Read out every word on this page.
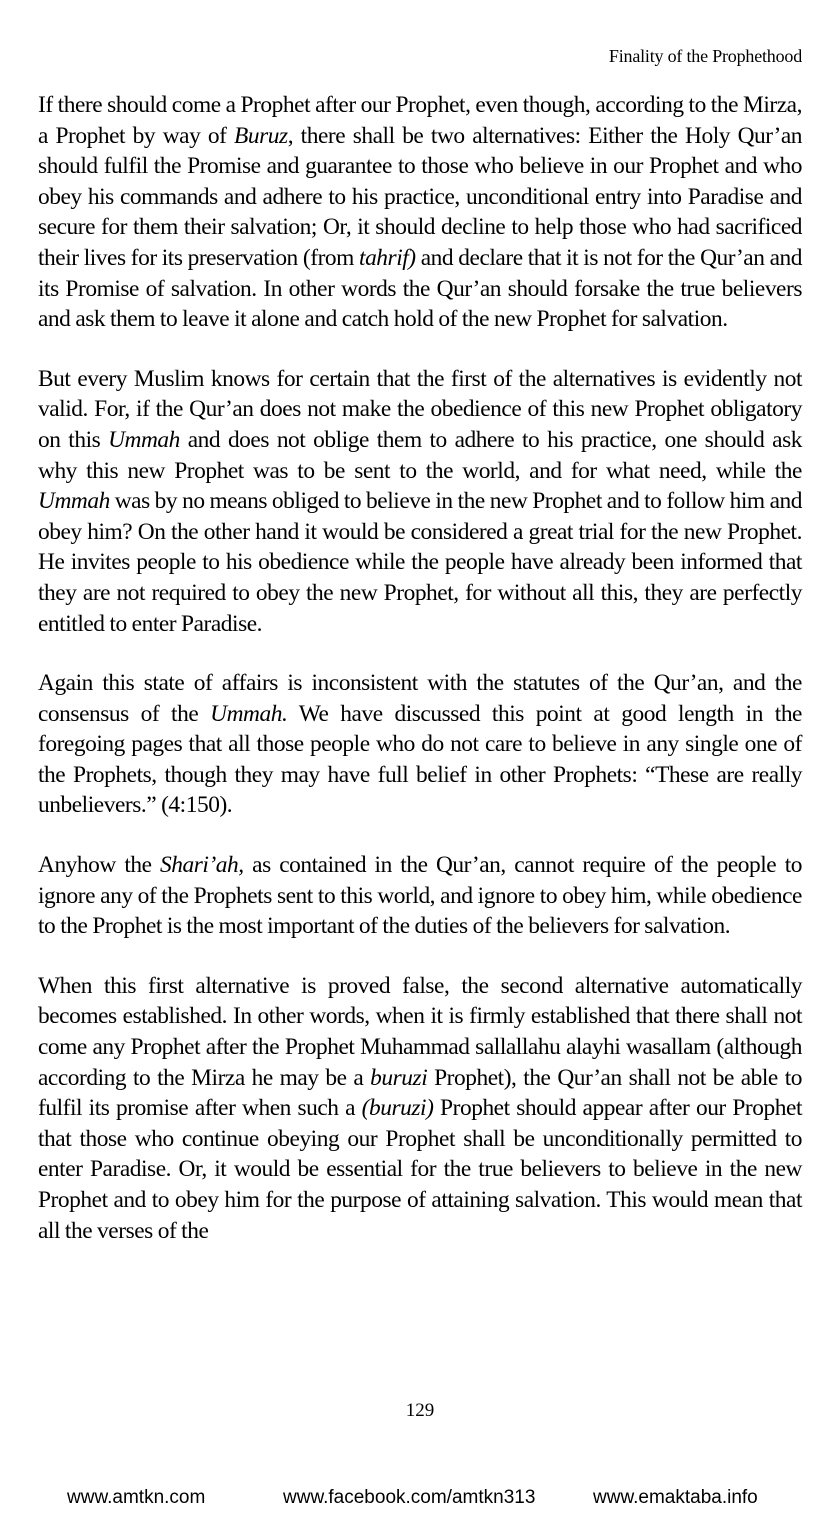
Finality of the Prophethood

If there should come a Prophet after our Prophet, even though, according to the Mirza, a Prophet by way of Buruz, there shall be two alternatives: Either the Holy Qur’an should fulfil the Promise and guarantee to those who believe in our Prophet and who obey his commands and adhere to his practice, unconditional entry into Paradise and secure for them their salvation; Or, it should decline to help those who had sacrificed their lives for its preservation (from tahrif) and declare that it is not for the Qur’an and its Promise of salvation. In other words the Qur’an should forsake the true believers and ask them to leave it alone and catch hold of the new Prophet for salvation.

But every Muslim knows for certain that the first of the alternatives is evidently not valid. For, if the Qur’an does not make the obedience of this new Prophet obligatory on this Ummah and does not oblige them to adhere to his practice, one should ask why this new Prophet was to be sent to the world, and for what need, while the Ummah was by no means obliged to believe in the new Prophet and to follow him and obey him? On the other hand it would be considered a great trial for the new Prophet. He invites people to his obedience while the people have already been informed that they are not required to obey the new Prophet, for without all this, they are perfectly entitled to enter Paradise.

Again this state of affairs is inconsistent with the statutes of the Qur’an, and the consensus of the Ummah. We have discussed this point at good length in the foregoing pages that all those people who do not care to believe in any single one of the Prophets, though they may have full belief in other Prophets: “These are really unbelievers.” (4:150).

Anyhow the Shari’ah, as contained in the Qur’an, cannot require of the people to ignore any of the Prophets sent to this world, and ignore to obey him, while obedience to the Prophet is the most important of the duties of the believers for salvation.

When this first alternative is proved false, the second alternative automatically becomes established. In other words, when it is firmly established that there shall not come any Prophet after the Prophet Muhammad sallallahu alayhi wasallam (although according to the Mirza he may be a buruzi Prophet), the Qur’an shall not be able to fulfil its promise after when such a (buruzi) Prophet should appear after our Prophet that those who continue obeying our Prophet shall be unconditionally permitted to enter Paradise. Or, it would be essential for the true believers to believe in the new Prophet and to obey him for the purpose of attaining salvation. This would mean that all the verses of the

129
www.amtkn.com	www.facebook.com/amtkn313	www.emaktaba.info
